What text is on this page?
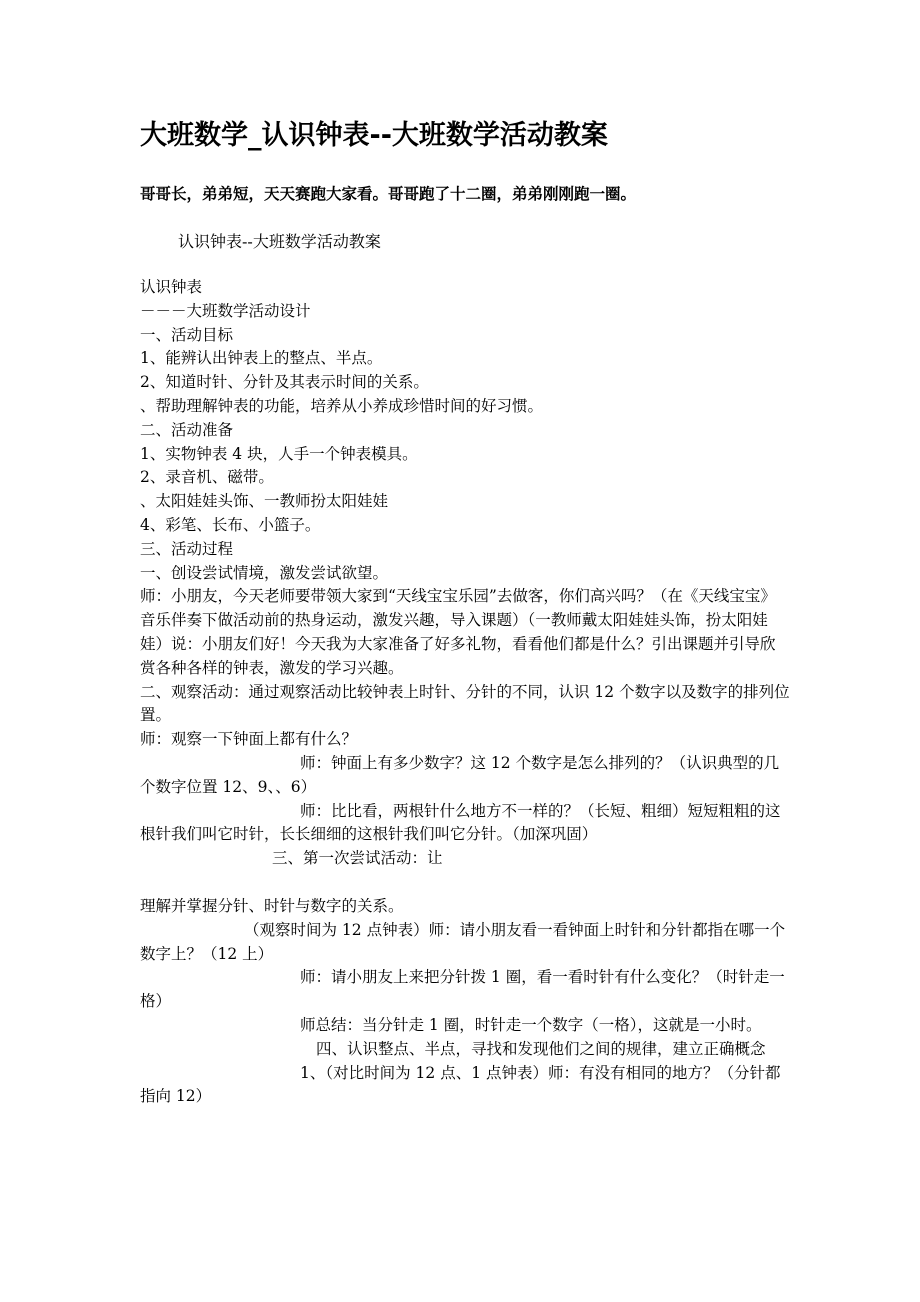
大班数学_认识钟表--大班数学活动教案

哥哥长，弟弟短，天天赛跑大家看。哥哥跑了十二圈，弟弟刚刚跑一圈。

认识钟表--大班数学活动教案

认识钟表

－－－大班数学活动设计

一、活动目标

1、能辨认出钟表上的整点、半点。

2、知道时针、分针及其表示时间的关系。

、帮助理解钟表的功能，培养从小养成珍惜时间的好习惯。

二、活动准备

1、实物钟表 4 块，人手一个钟表模具。

2、录音机、磁带。

、太阳娃娃头饰、一教师扮太阳娃娃

4、彩笔、长布、小篮子。

三、活动过程

一、创设尝试情境，激发尝试欲望。

师：小朋友，今天老师要带领大家到“天线宝宝乐园”去做客，你们高兴吗？（在《天线宝宝》音乐伴奏下做活动前的热身运动，激发兴趣，导入课题）（一教师戴太阳娃娃头饰，扮太阳娃娃）说：小朋友们好！今天我为大家准备了好多礼物，看看他们都是什么？引出课题并引导欣赏各种各样的钟表，激发的学习兴趣。

二、观察活动：通过观察活动比较钟表上时针、分针的不同，认识 12 个数字以及数字的排列位置。

师：观察一下钟面上都有什么？

师：钟面上有多少数字？这 12 个数字是怎么排列的？（认识典型的几个数字位置 12、9、、6）

师：比比看，两根针什么地方不一样的？（长短、粗细）短短粗粗的这根针我们叫它时针，长长细细的这根针我们叫它分针。（加深巩固）

三、第一次尝试活动：让

理解并掌握分针、时针与数字的关系。

（观察时间为 12 点钟表）师：请小朋友看一看钟面上时针和分针都指在哪一个数字上？（12 上）

师：请小朋友上来把分针拨 1 圈，看一看时针有什么变化？（时针走一格）

师总结：当分针走 1 圈，时针走一个数字（一格），这就是一小时。

四、认识整点、半点，寻找和发现他们之间的规律，建立正确概念

1、（对比时间为 12 点、1 点钟表）师：有没有相同的地方？（分针都指向 12）
